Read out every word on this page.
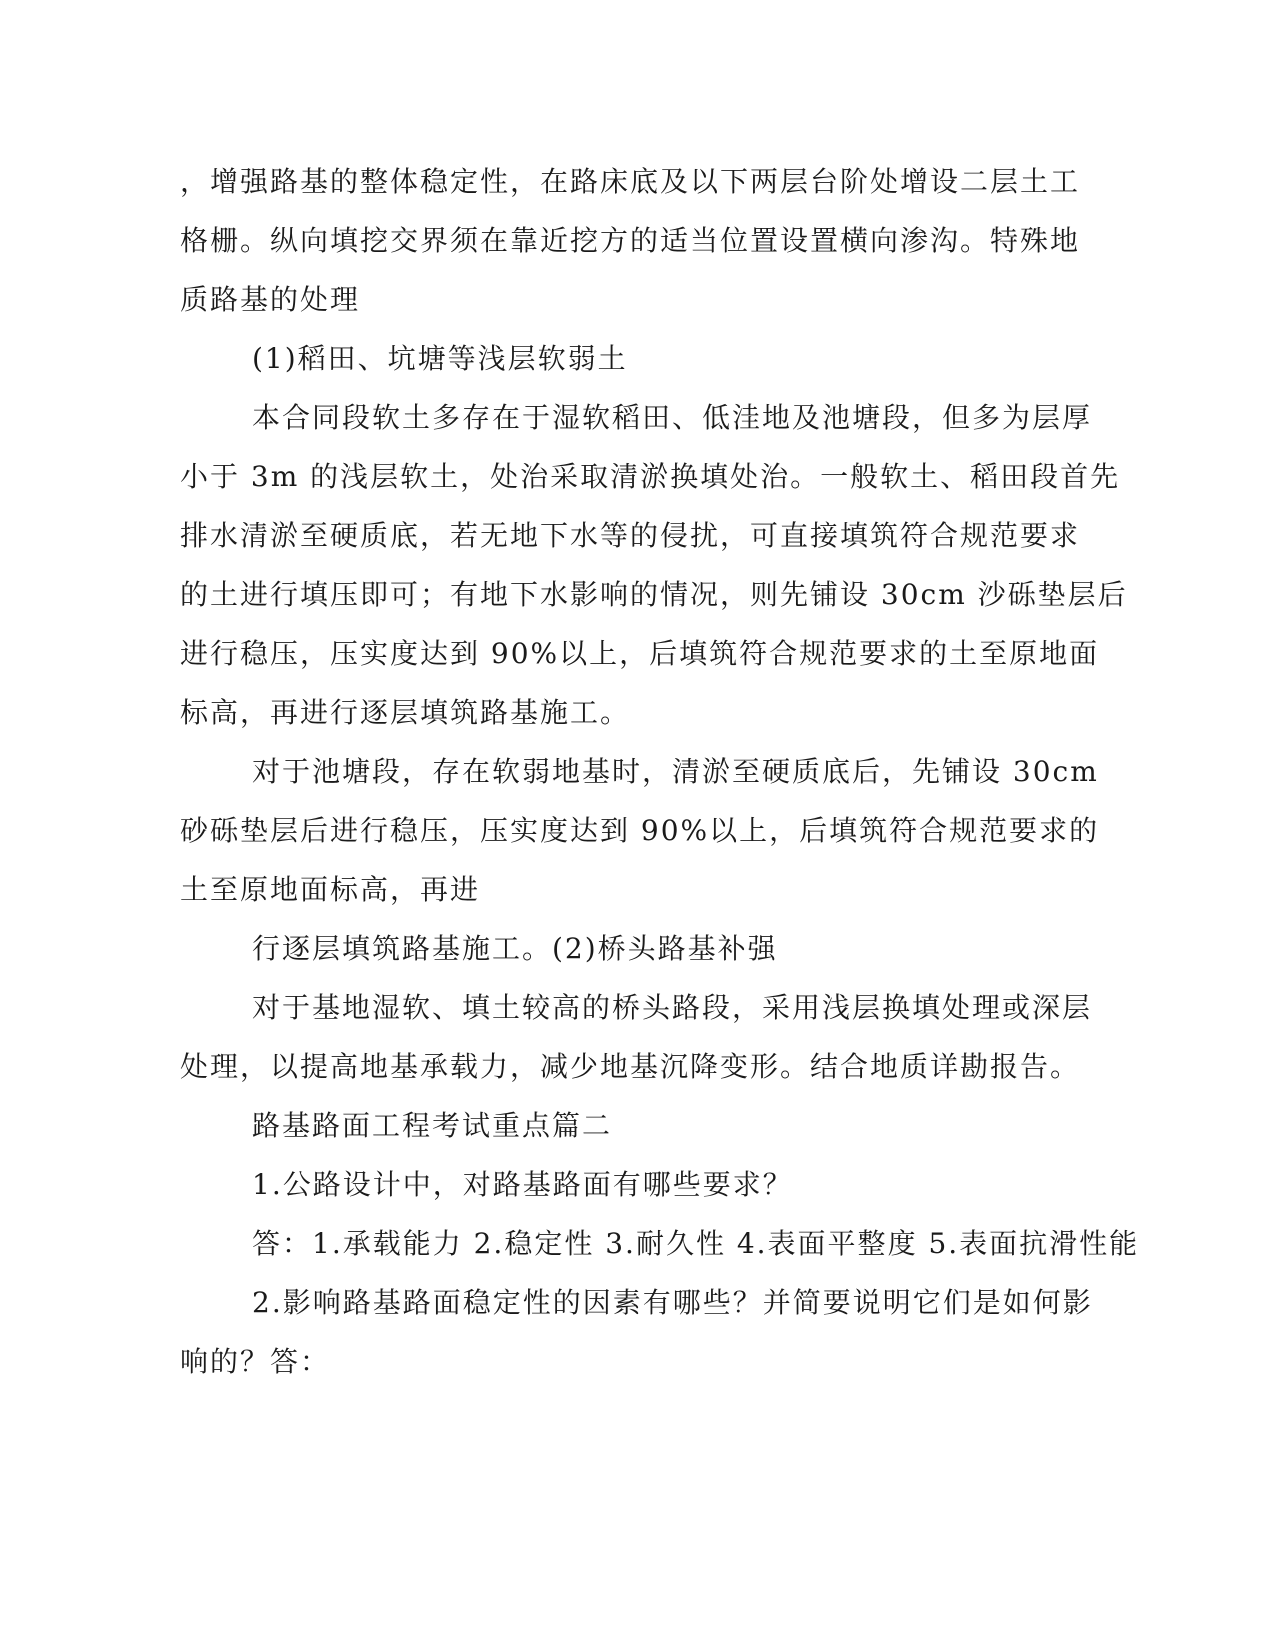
，增强路基的整体稳定性，在路床底及以下两层台阶处增设二层土工
格栅。纵向填挖交界须在靠近挖方的适当位置设置横向渗沟。特殊地
质路基的处理
(1)稻田、坑塘等浅层软弱土
本合同段软土多存在于湿软稻田、低洼地及池塘段，但多为层厚
小于 3m 的浅层软土，处治采取清淤换填处治。一般软土、稻田段首先
排水清淤至硬质底，若无地下水等的侵扰，可直接填筑符合规范要求
的土进行填压即可；有地下水影响的情况，则先铺设 30cm 沙砾垫层后
进行稳压，压实度达到 90%以上，后填筑符合规范要求的土至原地面
标高，再进行逐层填筑路基施工。
对于池塘段，存在软弱地基时，清淤至硬质底后，先铺设 30cm
砂砾垫层后进行稳压，压实度达到 90%以上，后填筑符合规范要求的
土至原地面标高，再进
行逐层填筑路基施工。(2)桥头路基补强
对于基地湿软、填土较高的桥头路段，采用浅层换填处理或深层
处理，以提高地基承载力，减少地基沉降变形。结合地质详勘报告。
路基路面工程考试重点篇二
1.公路设计中，对路基路面有哪些要求？
答：1.承载能力 2.稳定性 3.耐久性 4.表面平整度 5.表面抗滑性能
2.影响路基路面稳定性的因素有哪些？并简要说明它们是如何影
响的？答：
